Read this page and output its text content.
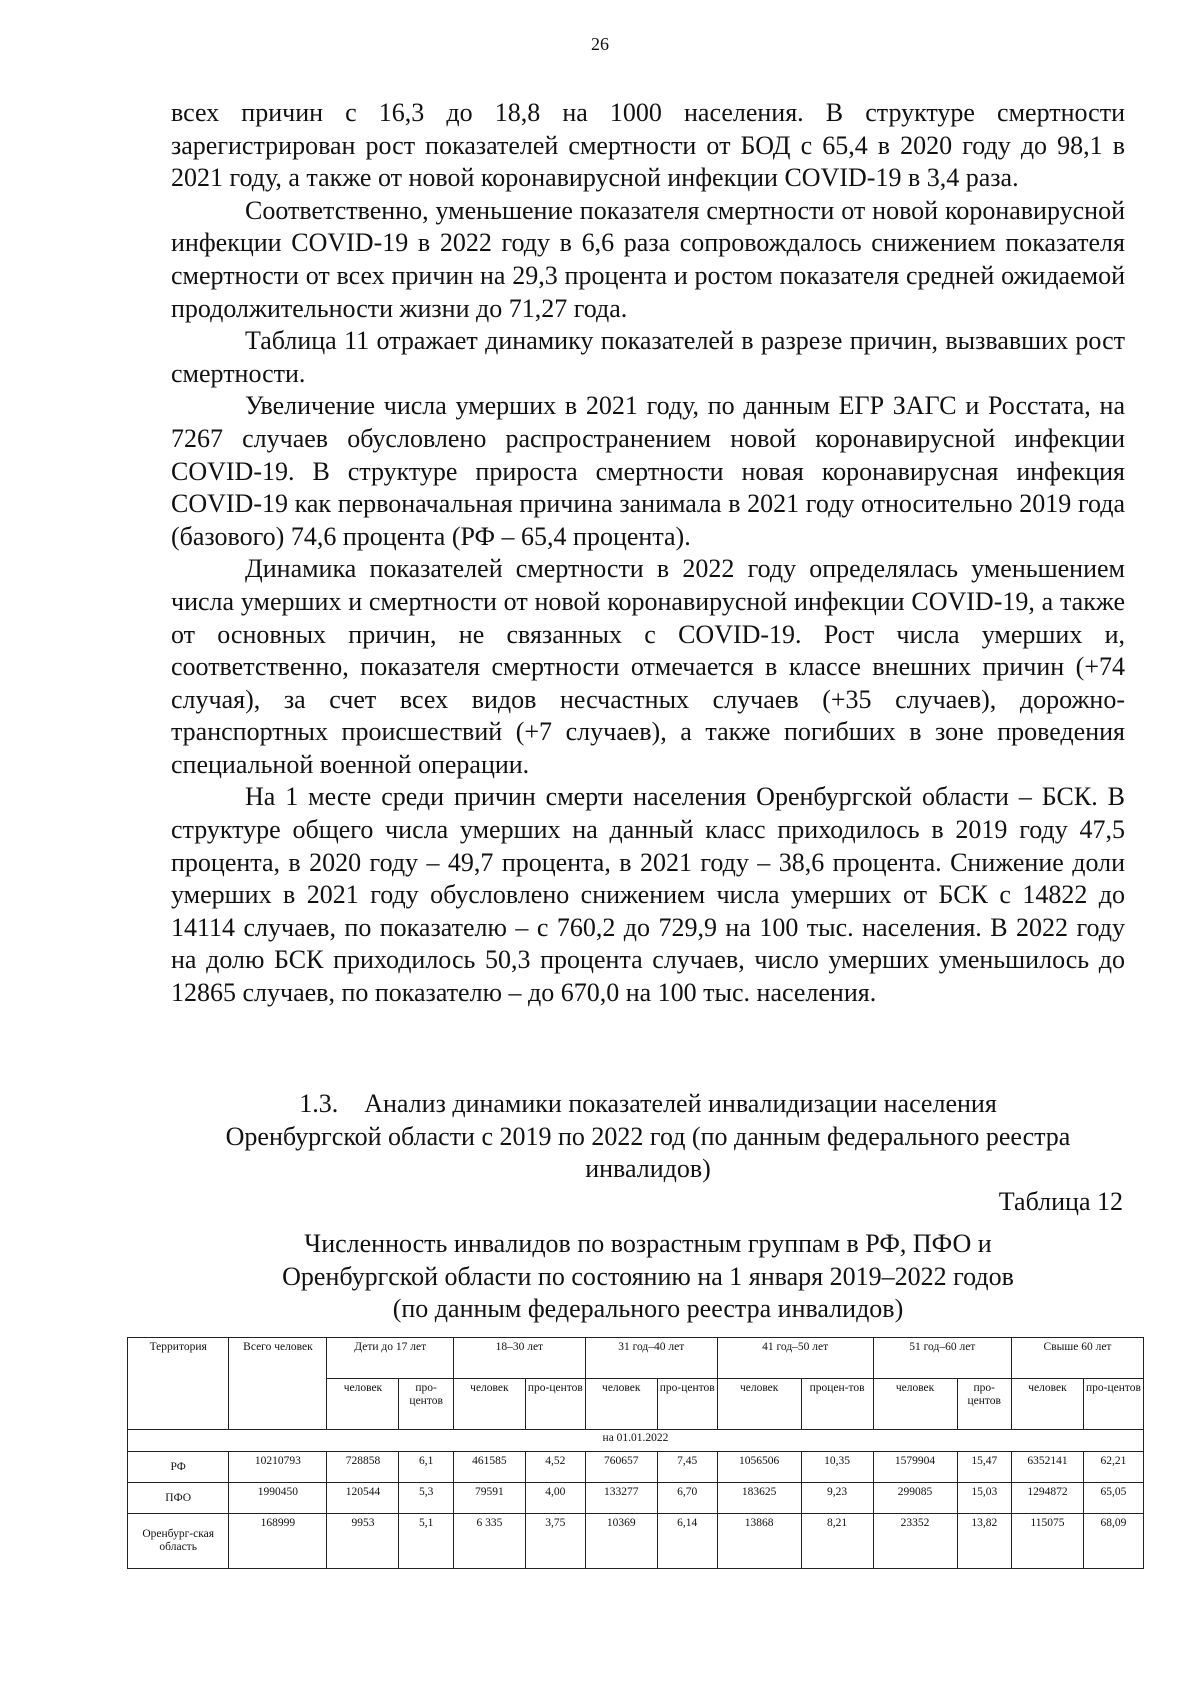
26

всех причин с 16,3 до 18,8 на 1000 населения. В структуре смертности зарегистрирован рост показателей смертности от БОД с 65,4 в 2020 году до 98,1 в 2021 году, а также от новой коронавирусной инфекции COVID-19 в 3,4 раза.

Соответственно, уменьшение показателя смертности от новой коронавирусной инфекции COVID-19 в 2022 году в 6,6 раза сопровождалось снижением показателя смертности от всех причин на 29,3 процента и ростом показателя средней ожидаемой продолжительности жизни до 71,27 года.

Таблица 11 отражает динамику показателей в разрезе причин, вызвавших рост смертности.

Увеличение числа умерших в 2021 году, по данным ЕГР ЗАГС и Росстата, на 7267 случаев обусловлено распространением новой коронавирусной инфекции COVID-19. В структуре прироста смертности новая коронавирусная инфекция COVID-19 как первоначальная причина занимала в 2021 году относительно 2019 года (базового) 74,6 процента (РФ – 65,4 процента).

Динамика показателей смертности в 2022 году определялась уменьшением числа умерших и смертности от новой коронавирусной инфекции COVID-19, а также от основных причин, не связанных с COVID-19. Рост числа умерших и, соответственно, показателя смертности отмечается в классе внешних причин (+74 случая), за счет всех видов несчастных случаев (+35 случаев), дорожно-транспортных происшествий (+7 случаев), а также погибших в зоне проведения специальной военной операции.

На 1 месте среди причин смерти населения Оренбургской области – БСК. В структуре общего числа умерших на данный класс приходилось в 2019 году 47,5 процента, в 2020 году – 49,7 процента, в 2021 году – 38,6 процента. Снижение доли умерших в 2021 году обусловлено снижением числа умерших от БСК с 14822 до 14114 случаев, по показателю – с 760,2 до 729,9 на 100 тыс. населения. В 2022 году на долю БСК приходилось 50,3 процента случаев, число умерших уменьшилось до 12865 случаев, по показателю – до 670,0 на 100 тыс. населения.

1.3. Анализ динамики показателей инвалидизации населения
Оренбургской области с 2019 по 2022 год (по данным федерального реестра
инвалидов)
Таблица 12
Численность инвалидов по возрастным группам в РФ, ПФО и
Оренбургской области по состоянию на 1 января 2019–2022 годов
(по данным федерального реестра инвалидов)
Территория	Всего человек	Дети до 17 лет		18–30 лет		31 год–40 лет		41 год–50 лет		51 год–60 лет		Свыше 60 лет	
		человек	про-центов	человек	про-центов	человек	про-центов	человек	процен-тов	человек	про-центов	человек	про-центов
на 01.01.2022													
РФ	10210793	728858	6,1	461585	4,52	760657	7,45	1056506	10,35	1579904	15,47	6352141	62,21
ПФО	1990450	120544	5,3	79591	4,00	133277	6,70	183625	9,23	299085	15,03	1294872	65,05
Оренбург-ская область	168999	9953	5,1	6 335	3,75	10369	6,14	13868	8,21	23352	13,82	115075	68,09
